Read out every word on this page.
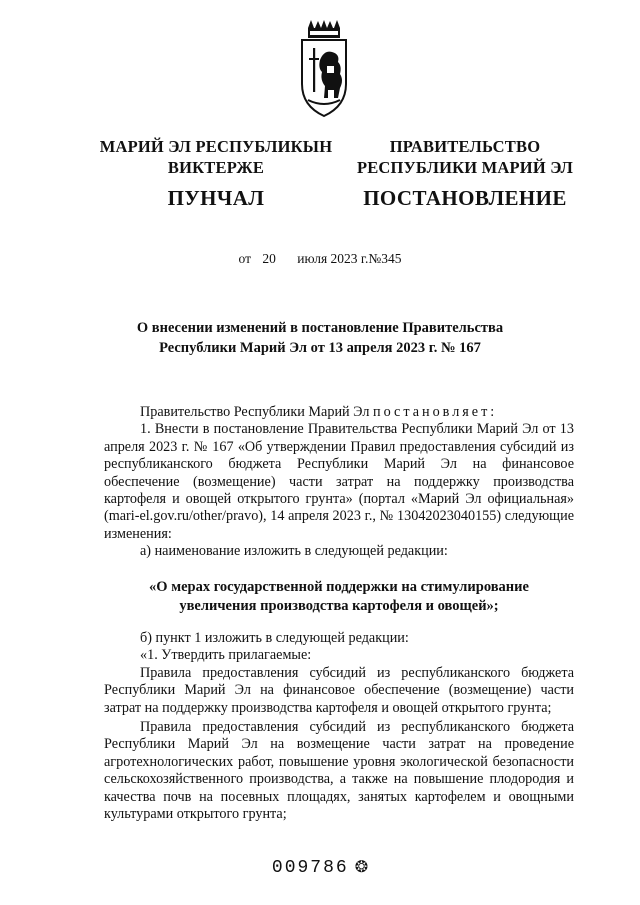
МАРИЙ ЭЛ РЕСПУБЛИКЫН
ВИКТЕРЖЕ
ПУНЧАЛ
ПРАВИТЕЛЬСТВО
РЕСПУБЛИКИ МАРИЙ ЭЛ
ПОСТАНОВЛЕНИЕ
от 20 июля 2023 г.№345
О внесении изменений в постановление Правительства
Республики Марий Эл от 13 апреля 2023 г. № 167

Правительство Республики Марий Эл постановляет:

1. Внести в постановление Правительства Республики Марий Эл от 13 апреля 2023 г. № 167 «Об утверждении Правил предоставления субсидий из республиканского бюджета Республики Марий Эл на финансовое обеспечение (возмещение) части затрат на поддержку производства картофеля и овощей открытого грунта» (портал «Марий Эл официальная» (mari-el.gov.ru/other/pravo), 14 апреля 2023 г., № 13042023040155) следующие изменения:

а) наименование изложить в следующей редакции:

«О мерах государственной поддержки на стимулирование
увеличения производства картофеля и овощей»;

б) пункт 1 изложить в следующей редакции:

«1. Утвердить прилагаемые:

Правила предоставления субсидий из республиканского бюджета Республики Марий Эл на финансовое обеспечение (возмещение) части затрат на поддержку производства картофеля и овощей открытого грунта;

Правила предоставления субсидий из республиканского бюджета Республики Марий Эл на возмещение части затрат на проведение агротехнологических работ, повышение уровня экологической безопасности сельскохозяйственного производства, а также на повышение плодородия и качества почв на посевных площадях, занятых картофелем и овощными культурами открытого грунта;

009786 ❂
